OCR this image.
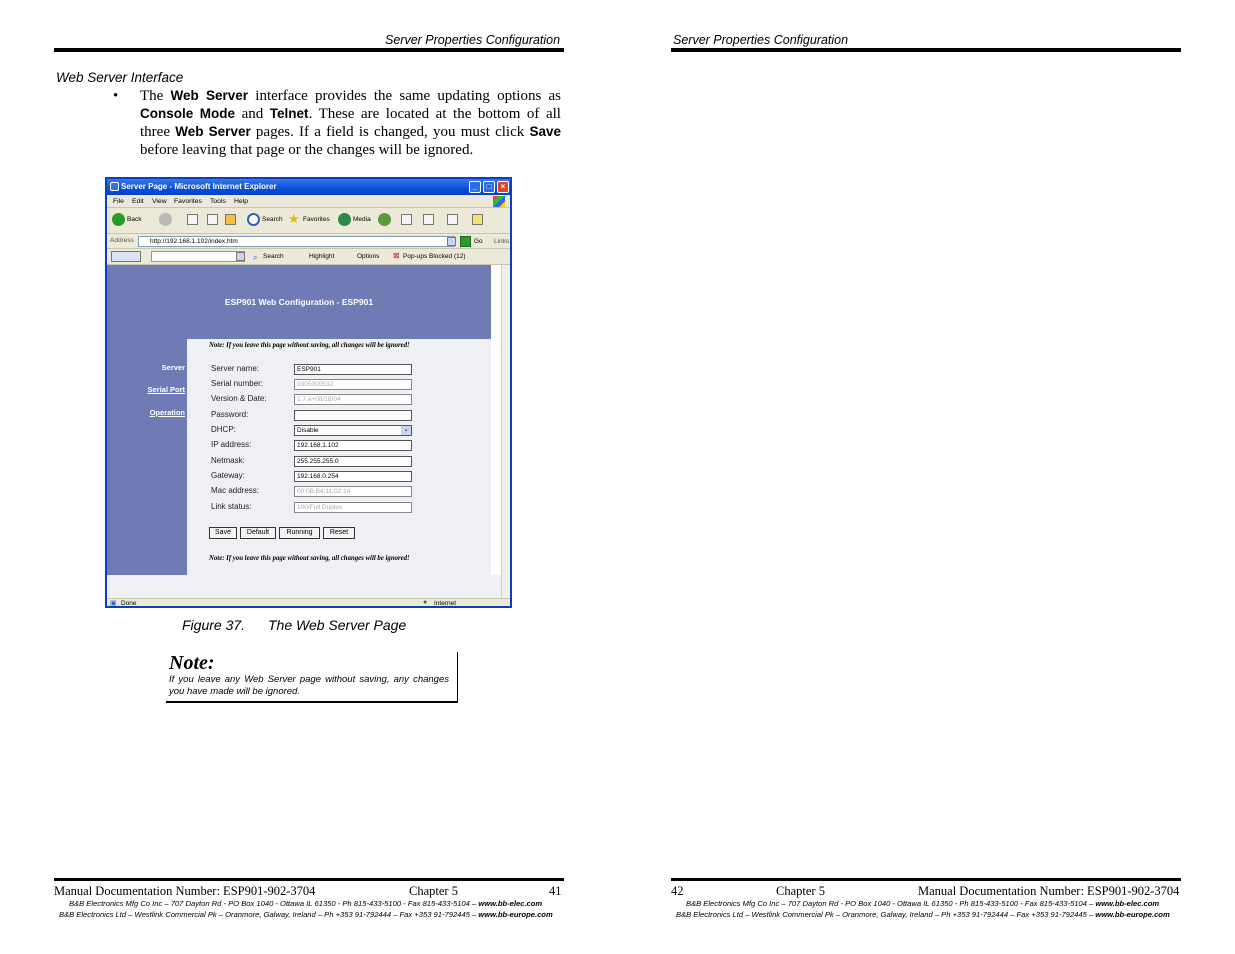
Server Properties Configuration
Web Server Interface
• The Web Server interface provides the same updating options as Console Mode and Telnet. These are located at the bottom of all three Web Server pages. If a field is changed, you must click Save before leaving that page or the changes will be ignored.
Server Page - Microsoft Internet Explorer	_	□	×
File Edit View Favorites Tools Help
Back	Search ★ Favorites	Media
Address	http://192.168.1.102/index.htm	Go Links
⌕ Search	Highlight	Options ⊠ Pop-ups Blocked (12)
ESP901 Web Configuration - ESP901
Server
Serial Port
Operation
Note: If you leave this page without saving, all changes will be ignored!
Server name:	ESP901
Serial number:	0305000532
Version & Date:	1.7.a+08/18/04
Password:
DHCP:	Disable	⌄
IP address:	192.168.1.102
Netmask:	255.255.255.0
Gateway:	192.168.0.254
Mac address:	00:0B:B4:11:02:14
Link status:	100/Full Duplex
Save	Default	Running	Reset
Note: If you leave this page without saving, all changes will be ignored!
▣ Done	● Internet
Figure 37. The Web Server Page
Note:
If you leave any Web Server page without saving, any changes you have made will be ignored.
Manual Documentation Number: ESP901-902-3704	Chapter 5	41
B&B Electronics Mfg Co Inc – 707 Dayton Rd - PO Box 1040 - Ottawa IL 61350 - Ph 815-433-5100 - Fax 815-433-5104 – www.bb-elec.com
B&B Electronics Ltd – Westlink Commercial Pk – Oranmore, Galway, Ireland – Ph +353 91-792444 – Fax +353 91-792445 – www.bb-europe.com
Server Properties Configuration
42	Chapter 5	Manual Documentation Number: ESP901-902-3704
B&B Electronics Mfg Co Inc – 707 Dayton Rd - PO Box 1040 - Ottawa IL 61350 - Ph 815-433-5100 - Fax 815-433-5104 – www.bb-elec.com
B&B Electronics Ltd – Westlink Commercial Pk – Oranmore, Galway, Ireland – Ph +353 91-792444 – Fax +353 91-792445 – www.bb-europe.com
